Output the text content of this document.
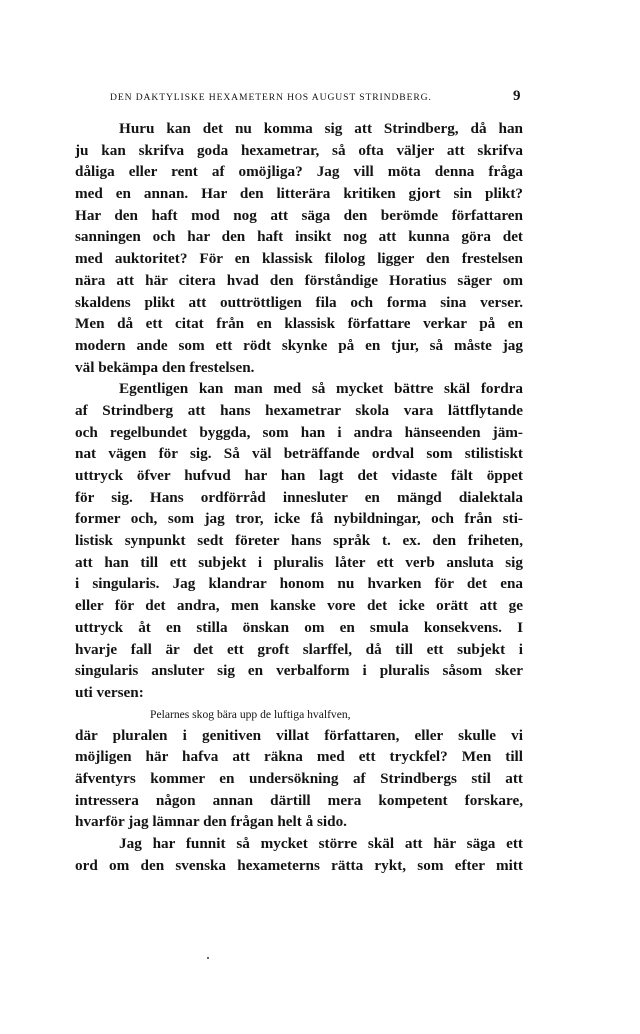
DEN DAKTYLISKE HEXAMETERN HOS AUGUST STRINDBERG.	9
Huru kan det nu komma sig att Strindberg, då han
ju kan skrifva goda hexametrar, så ofta väljer att skrifva
dåliga eller rent af omöjliga? Jag vill möta denna fråga
med en annan. Har den litterära kritiken gjort sin plikt?
Har den haft mod nog att säga den berömde författaren
sanningen och har den haft insikt nog att kunna göra det
med auktoritet? För en klassisk filolog ligger den frestelsen
nära att här citera hvad den förståndige Horatius säger om
skaldens plikt att outtröttligen fila och forma sina verser.
Men då ett citat från en klassisk författare verkar på en
modern ande som ett rödt skynke på en tjur, så måste jag
väl bekämpa den frestelsen.
Egentligen kan man med så mycket bättre skäl fordra
af Strindberg att hans hexametrar skola vara lättflytande
och regelbundet byggda, som han i andra hänseenden jäm-
nat vägen för sig. Så väl beträffande ordval som stilistiskt
uttryck öfver hufvud har han lagt det vidaste fält öppet
för sig. Hans ordförråd innesluter en mängd dialektala
former och, som jag tror, icke få nybildningar, och från sti-
listisk synpunkt sedt företer hans språk t. ex. den friheten,
att han till ett subjekt i pluralis låter ett verb ansluta sig
i singularis. Jag klandrar honom nu hvarken för det ena
eller för det andra, men kanske vore det icke orätt att ge
uttryck åt en stilla önskan om en smula konsekvens. I
hvarje fall är det ett groft slarffel, då till ett subjekt i
singularis ansluter sig en verbalform i pluralis såsom sker
uti versen:
Pelarnes skog bära upp de luftiga hvalfven,
där pluralen i genitiven villat författaren, eller skulle vi
möjligen här hafva att räkna med ett tryckfel? Men till
äfventyrs kommer en undersökning af Strindbergs stil att
intressera någon annan därtill mera kompetent forskare,
hvarför jag lämnar den frågan helt å sido.
Jag har funnit så mycket större skäl att här säga ett
ord om den svenska hexameterns rätta rykt, som efter mitt
